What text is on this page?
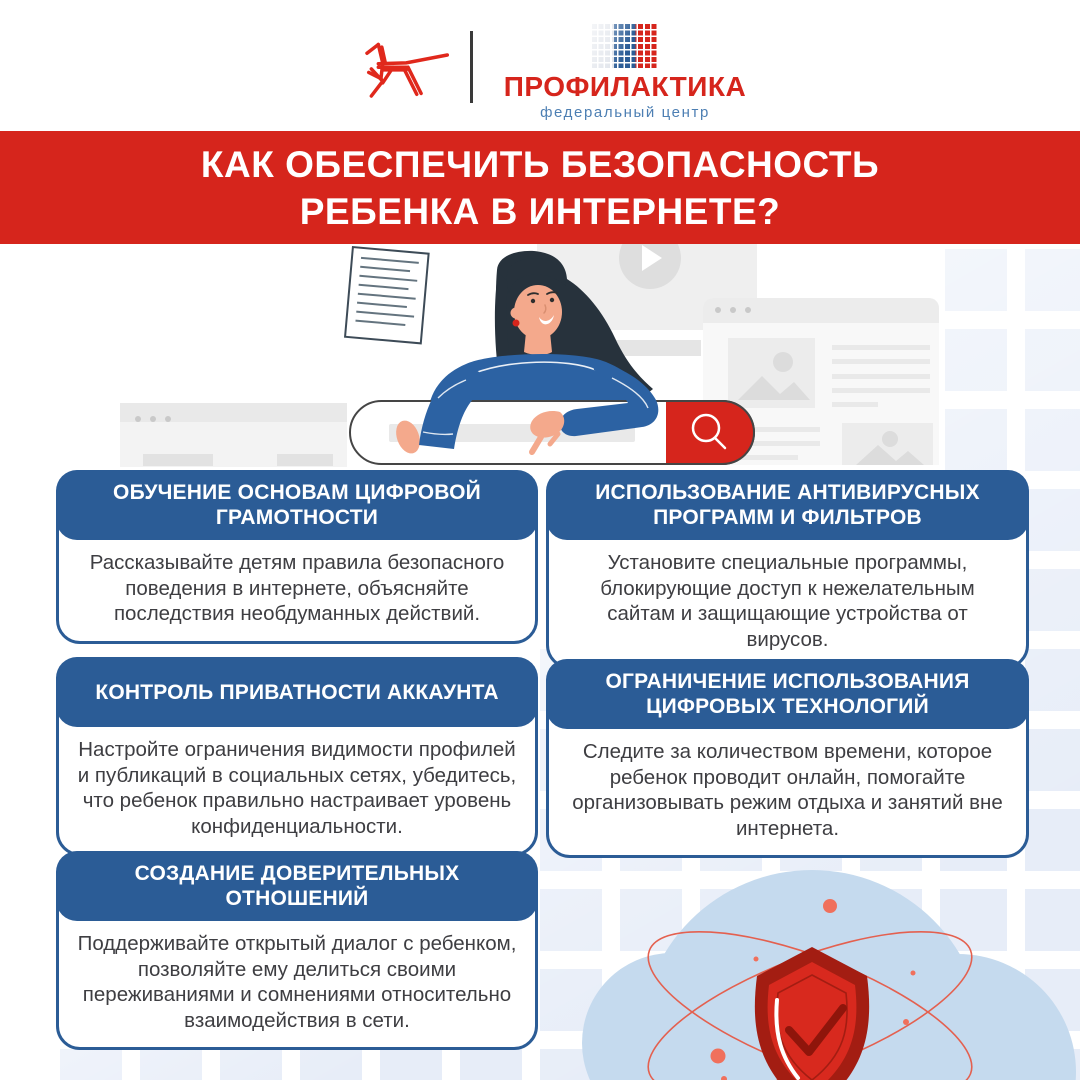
ПРОФИЛАКТИКА
федеральный центр
КАК ОБЕСПЕЧИТЬ БЕЗОПАСНОСТЬ
РЕБЕНКА В ИНТЕРНЕТЕ?
ОБУЧЕНИЕ ОСНОВАМ ЦИФРОВОЙ ГРАМОТНОСТИ

Рассказывайте детям правила безопасного поведения в интернете, объясняйте последствия необдуманных действий.

ИСПОЛЬЗОВАНИЕ АНТИВИРУСНЫХ ПРОГРАММ И ФИЛЬТРОВ

Установите специальные программы, блокирующие доступ к нежелательным сайтам и защищающие устройства от вирусов.

КОНТРОЛЬ ПРИВАТНОСТИ АККАУНТА

Настройте ограничения видимости профилей и публикаций в социальных сетях, убедитесь, что ребенок правильно настраивает уровень конфиденциальности.

ОГРАНИЧЕНИЕ ИСПОЛЬЗОВАНИЯ ЦИФРОВЫХ ТЕХНОЛОГИЙ

Следите за количеством времени, которое ребенок проводит онлайн, помогайте организовывать режим отдыха и занятий вне интернета.

СОЗДАНИЕ ДОВЕРИТЕЛЬНЫХ ОТНОШЕНИЙ

Поддерживайте открытый диалог с ребенком, позволяйте ему делиться своими переживаниями и сомнениями относительно взаимодействия в сети.
